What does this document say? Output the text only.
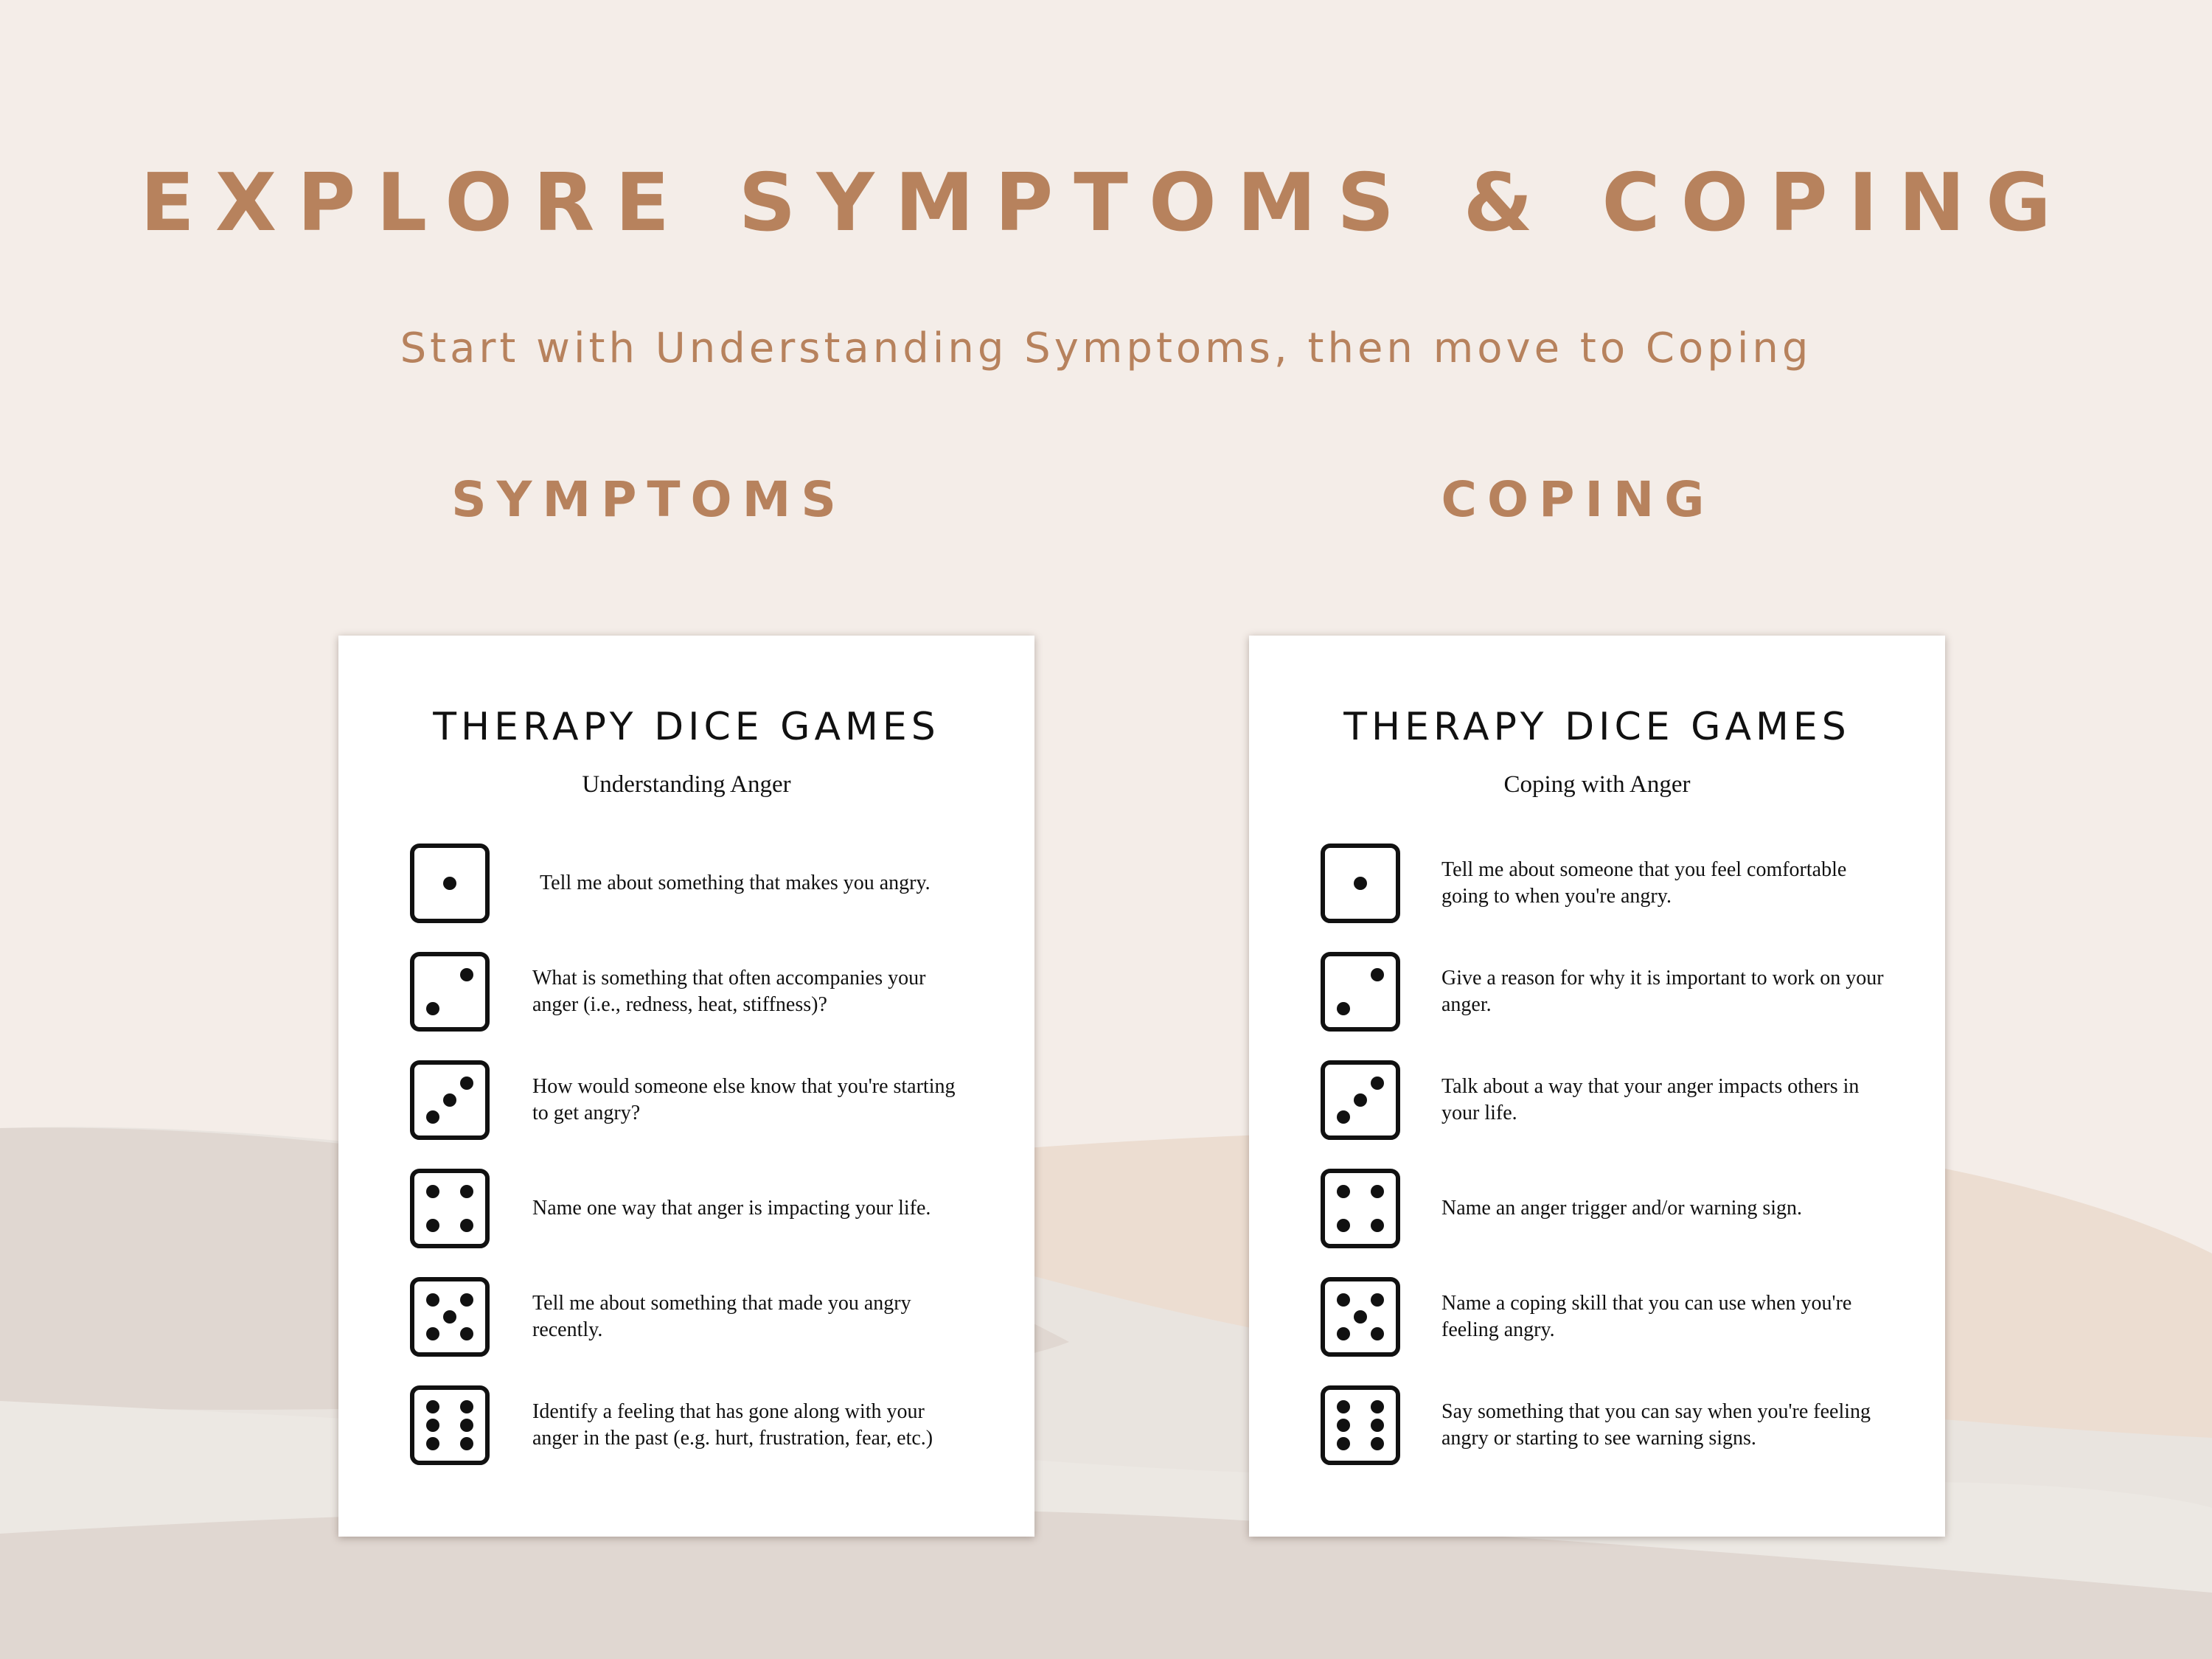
EXPLORE SYMPTOMS & COPING
Start with Understanding Symptoms, then move to Coping
SYMPTOMS	COPING
THERAPY DICE GAMES
Understanding Anger
Tell me about something that makes you angry.
What is something that often accompanies your anger (i.e., redness, heat, stiffness)?
How would someone else know that you're starting to get angry?
Name one way that anger is impacting your life.
Tell me about something that made you angry recently.
Identify a feeling that has gone along with your anger in the past (e.g. hurt, frustration, fear, etc.)
THERAPY DICE GAMES
Coping with Anger
Tell me about someone that you feel comfortable going to when you're angry.
Give a reason for why it is important to work on your anger.
Talk about a way that your anger impacts others in your life.
Name an anger trigger and/or warning sign.
Name a coping skill that you can use when you're feeling angry.
Say something that you can say when you're feeling angry or starting to see warning signs.
